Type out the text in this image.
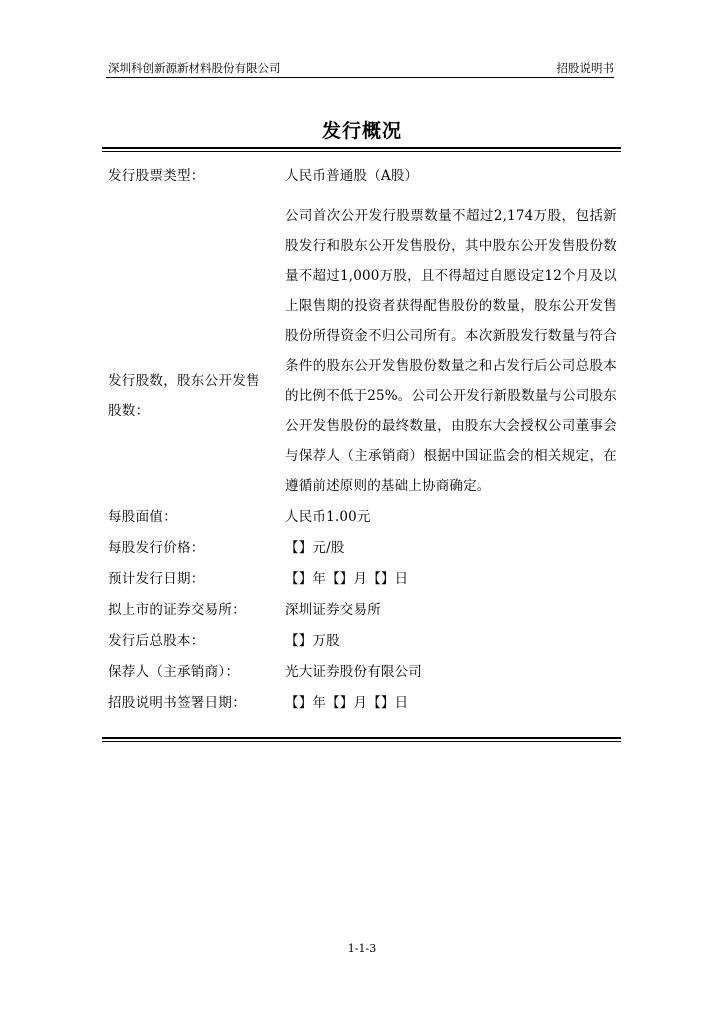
深圳科创新源新材料股份有限公司	招股说明书
发行概况
发行股票类型：	人民币普通股（A股）
发行股数，股东公开发售股数：
公司首次公开发行股票数量不超过2,174万股，包括新股发行和股东公开发售股份，其中股东公开发售股份数量不超过1,000万股，且不得超过自愿设定12个月及以上限售期的投资者获得配售股份的数量，股东公开发售股份所得资金不归公司所有。本次新股发行数量与符合条件的股东公开发售股份数量之和占发行后公司总股本的比例不低于25%。公司公开发行新股数量与公司股东公开发售股份的最终数量，由股东大会授权公司董事会与保荐人（主承销商）根据中国证监会的相关规定，在遵循前述原则的基础上协商确定。
每股面值：	人民币1.00元
每股发行价格：	【】元/股
预计发行日期：	【】年【】月【】日
拟上市的证券交易所：	深圳证券交易所
发行后总股本：	【】万股
保荐人（主承销商）：	光大证券股份有限公司
招股说明书签署日期：	【】年【】月【】日
1-1-3
